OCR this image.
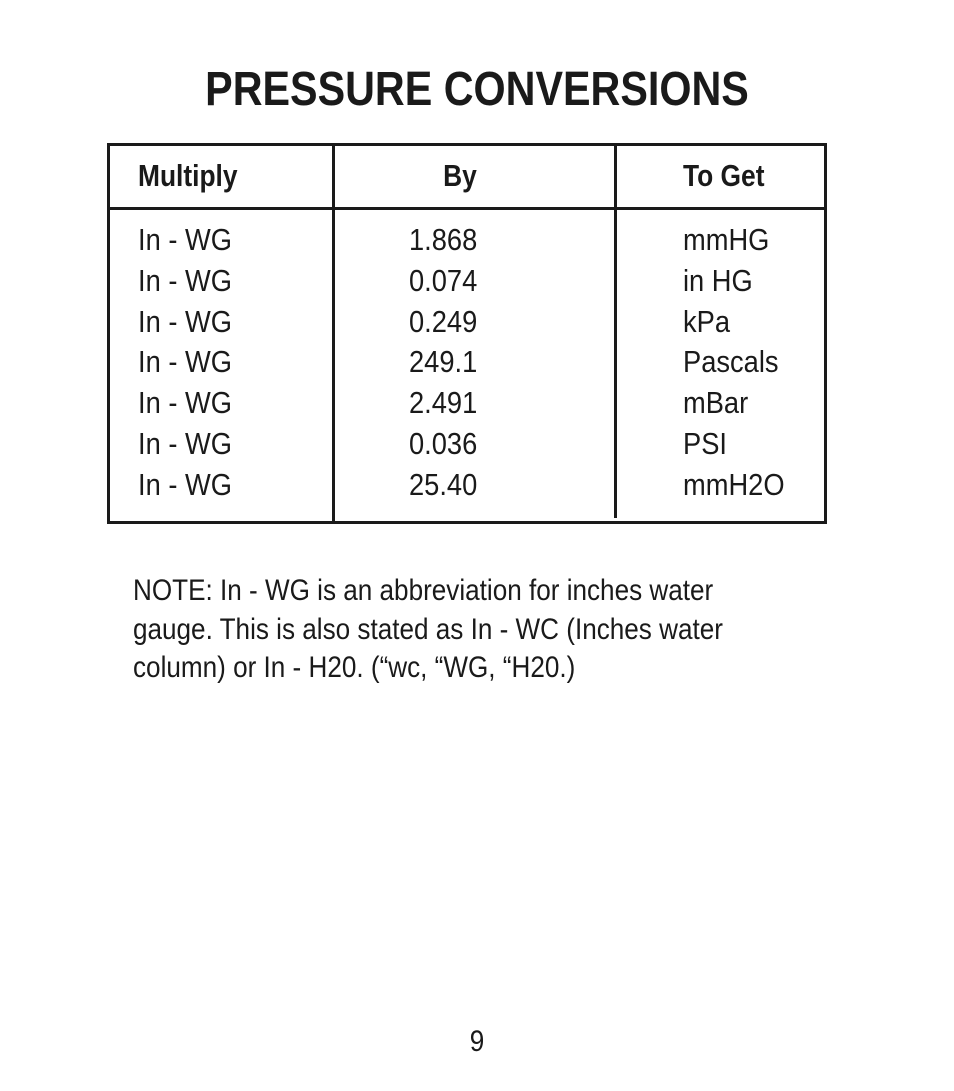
PRESSURE CONVERSIONS
Multiply	By	To Get
In - WG	1.868	mmHG
In - WG	0.074	in HG
In - WG	0.249	kPa
In - WG	249.1	Pascals
In - WG	2.491	mBar
In - WG	0.036	PSI
In - WG	25.40	mmH2O

NOTE: In - WG is an abbreviation for inches water
gauge. This is also stated as In - WC (Inches water
column) or In - H20. (“wc, “WG, “H20.)

9
